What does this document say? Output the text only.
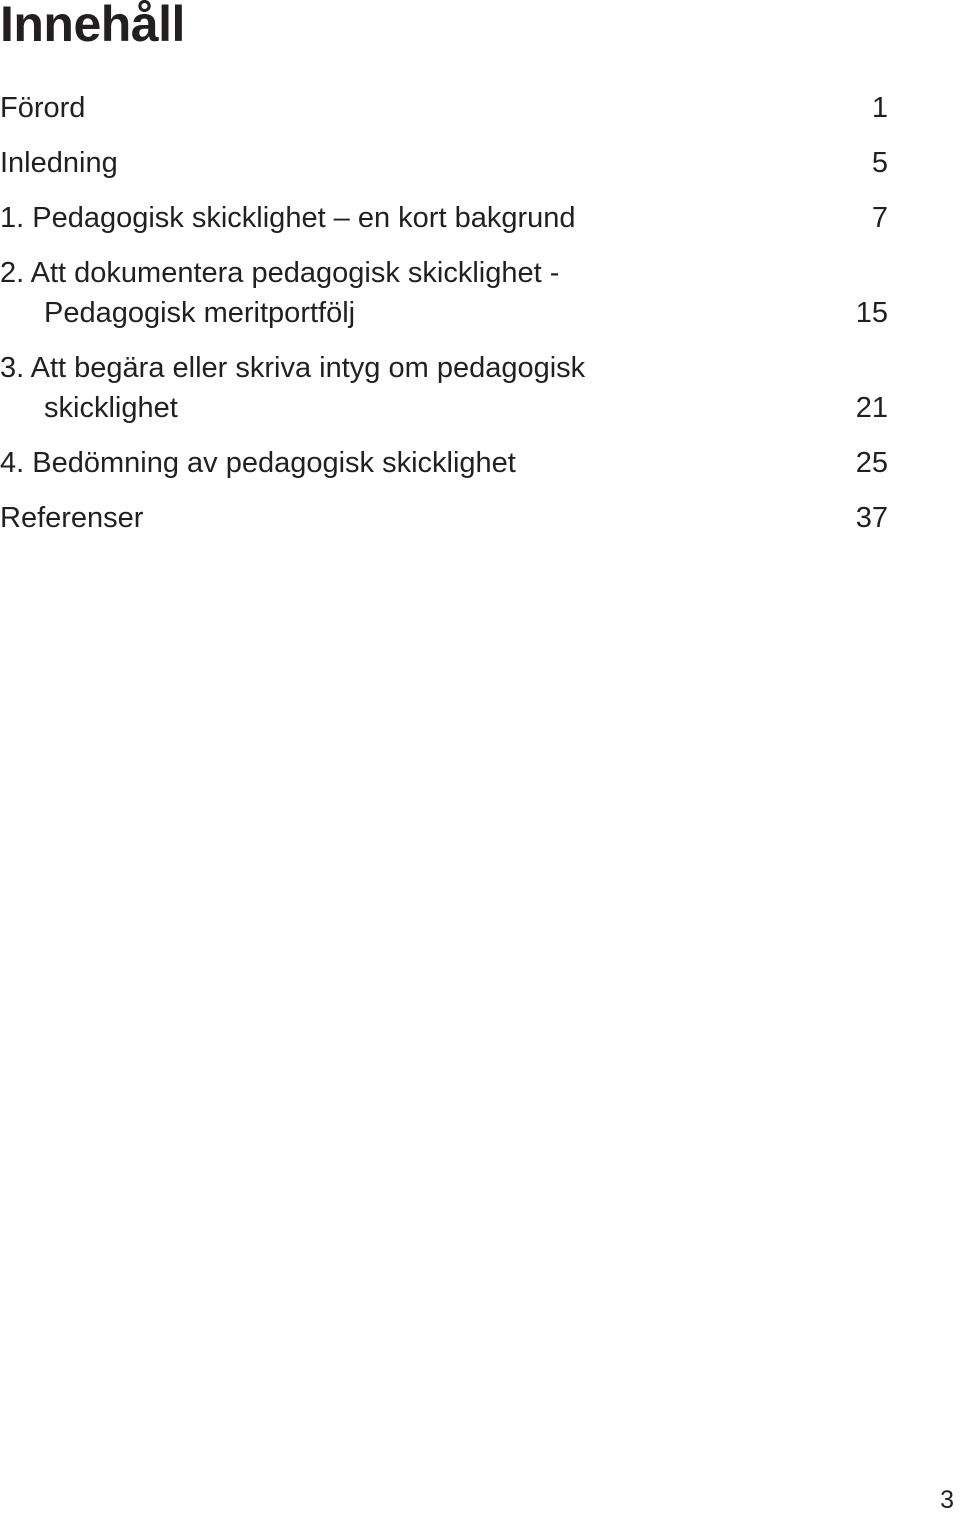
Innehåll
Förord	1
Inledning	5
1. Pedagogisk skicklighet – en kort bakgrund	7
2. Att dokumentera pedagogisk skicklighet -
Pedagogisk meritportfölj	15
3. Att begära eller skriva intyg om pedagogisk
skicklighet	21
4. Bedömning av pedagogisk skicklighet	25
Referenser	37
3
